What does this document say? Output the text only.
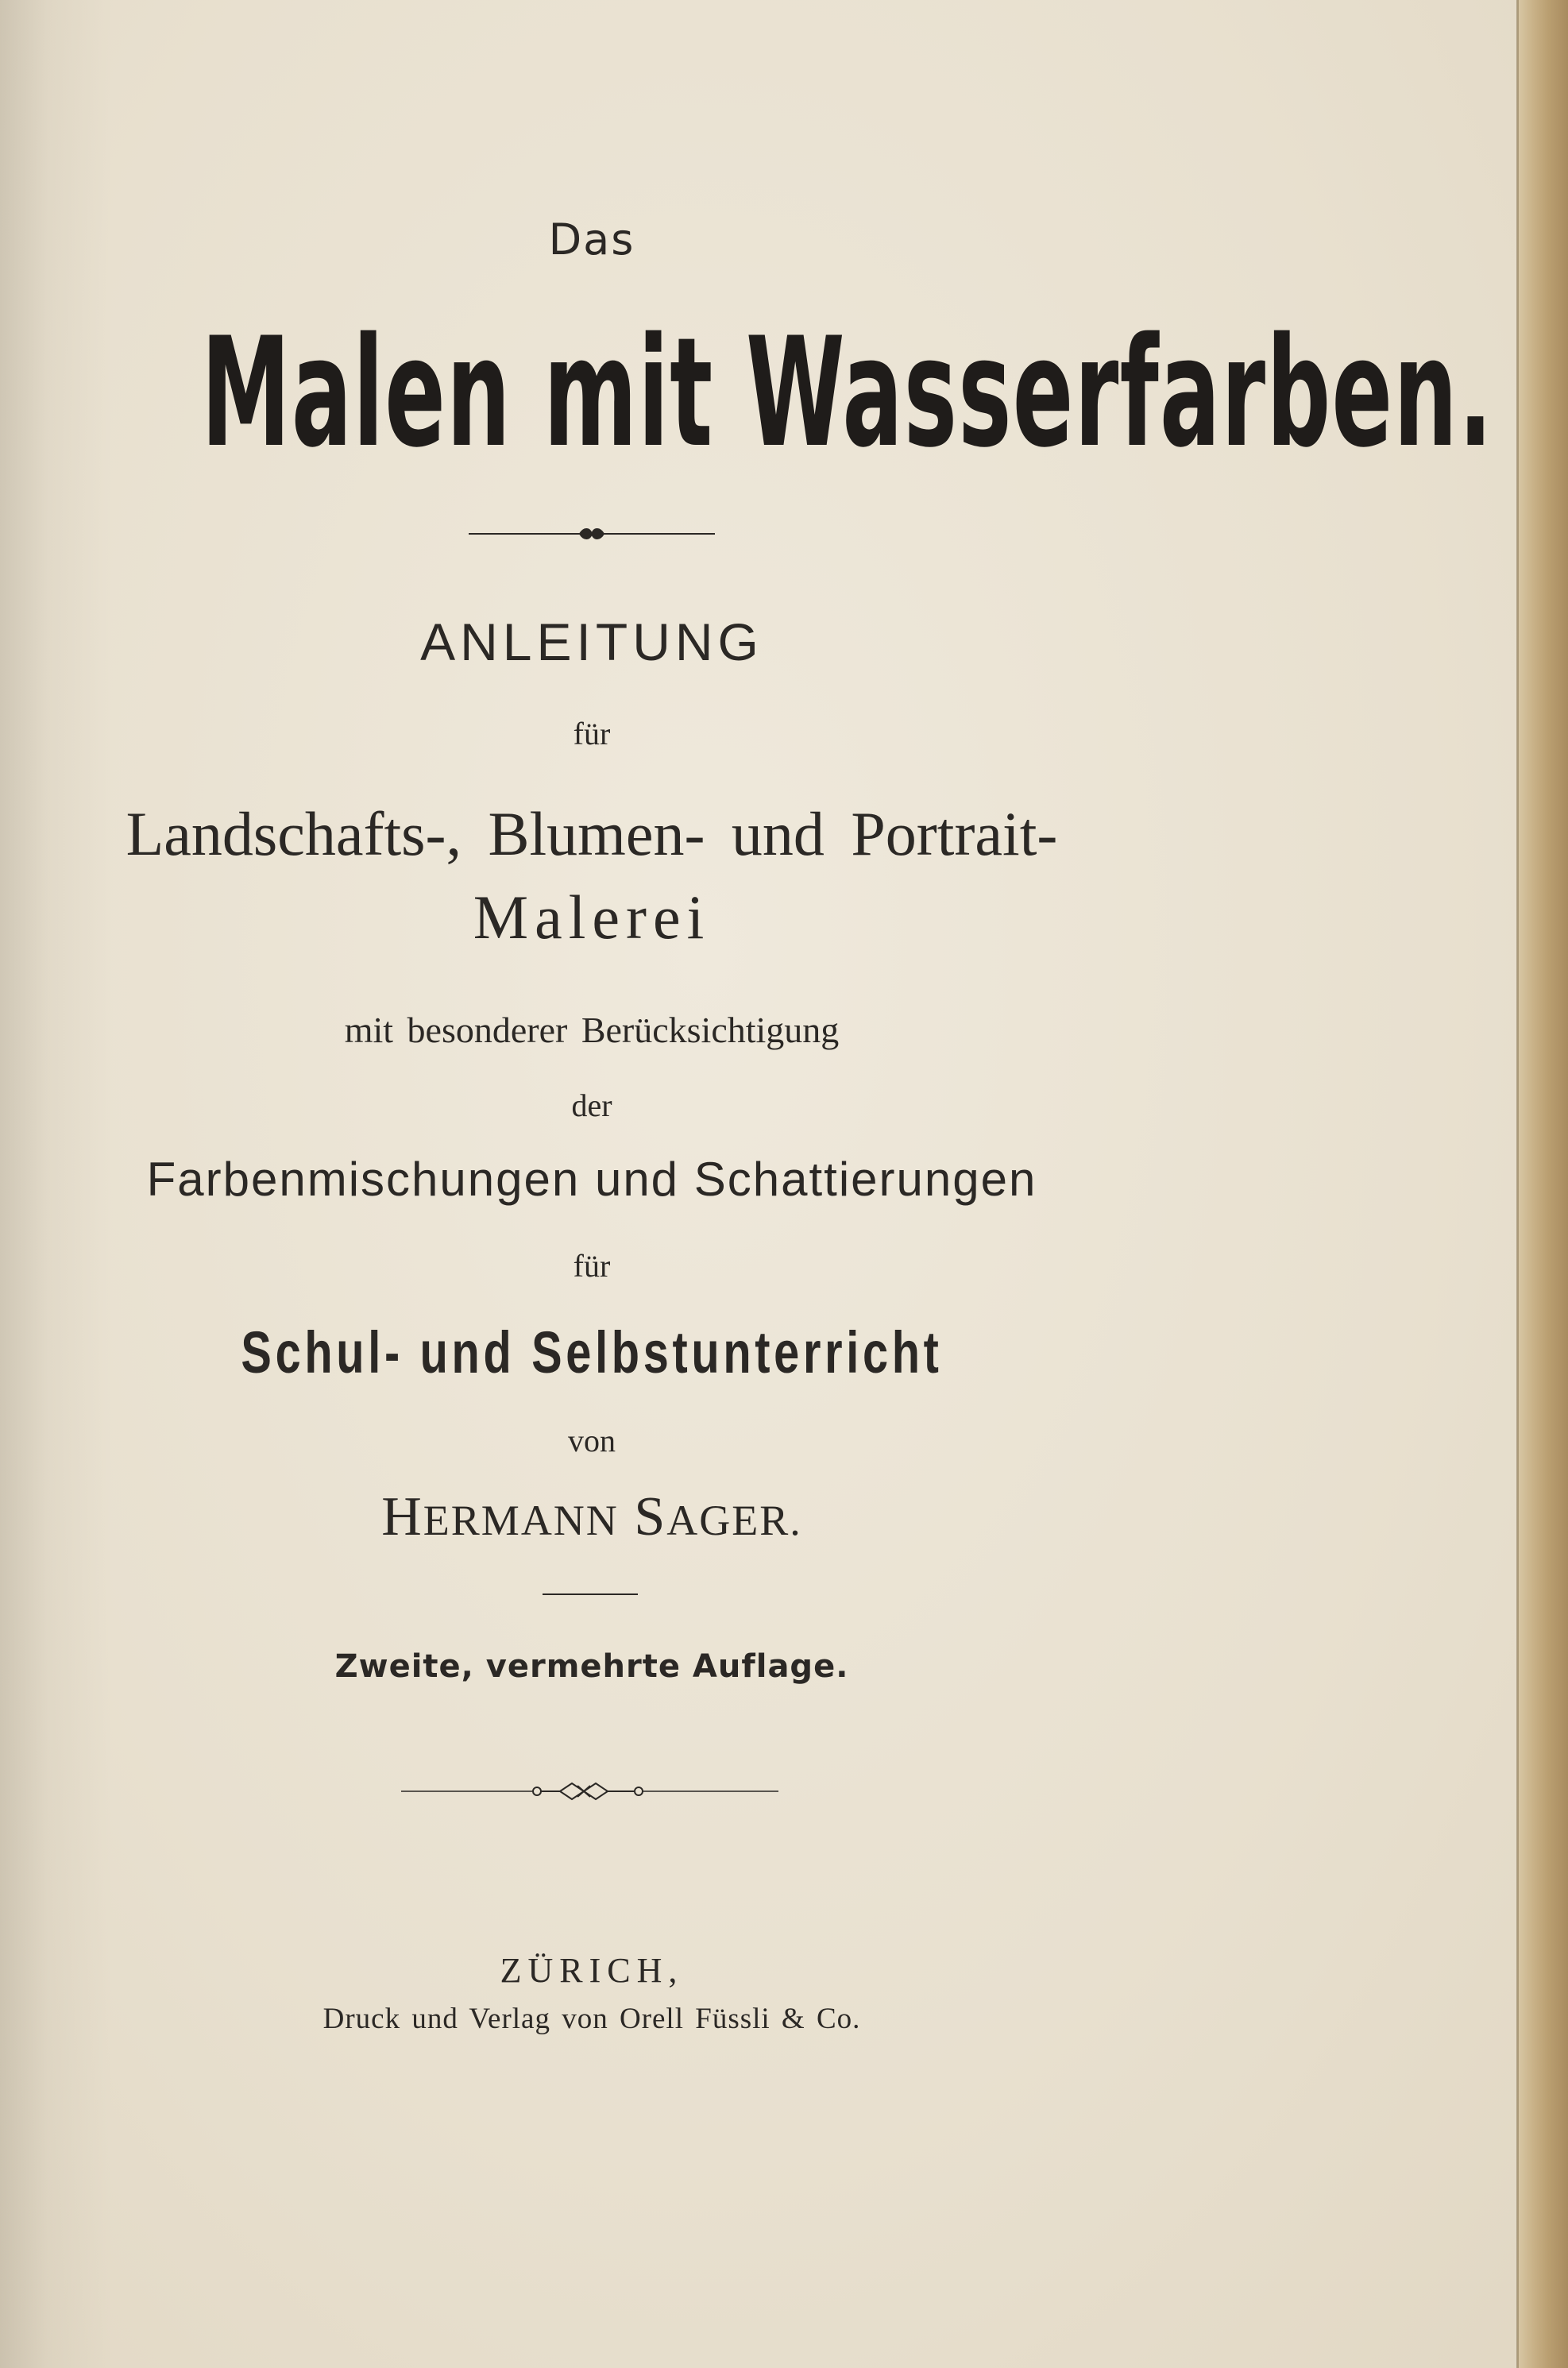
Das
Malen mit Wasserfarben.
ANLEITUNG
für
Landschafts-, Blumen- und Portrait-
Malerei
mit besonderer Berücksichtigung
der
Farbenmischungen und Schattierungen
für
Schul- und Selbstunterricht
von
HERMANN SAGER.
Zweite, vermehrte Auflage.
ZÜRICH,
Druck und Verlag von Orell Füssli & Co.
